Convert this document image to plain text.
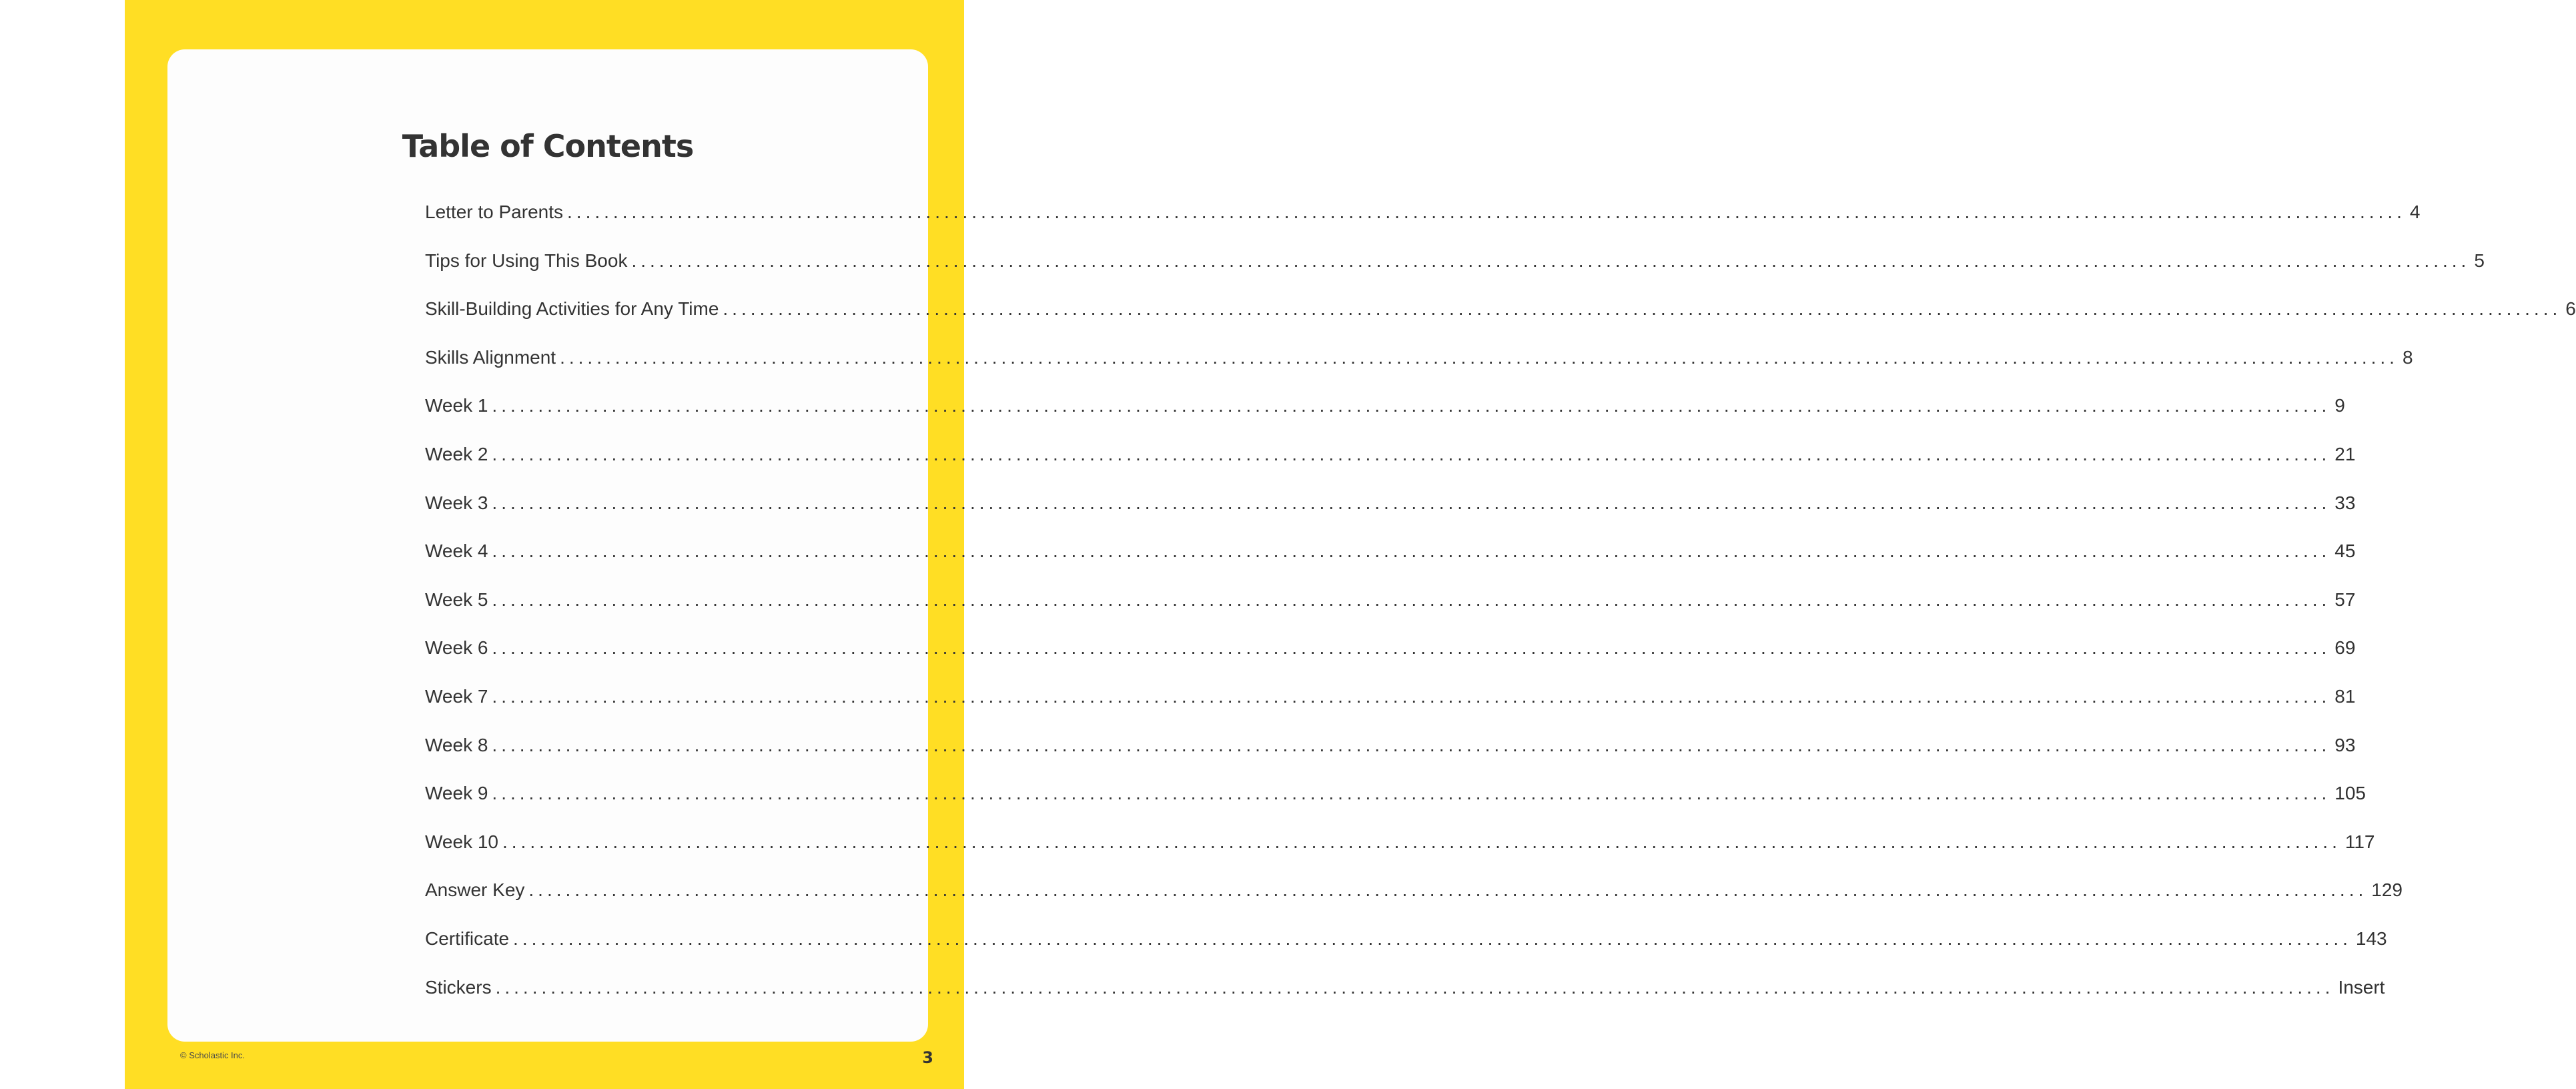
Table of Contents
Letter to Parents ........................................................................................................................................................................................................ 4
Tips for Using This Book ........................................................................................................................................................................................................ 5
Skill-Building Activities for Any Time ........................................................................................................................................................................................................ 6
Skills Alignment ........................................................................................................................................................................................................ 8
Week 1 ........................................................................................................................................................................................................ 9
Week 2 ........................................................................................................................................................................................................ 21
Week 3 ........................................................................................................................................................................................................ 33
Week 4 ........................................................................................................................................................................................................ 45
Week 5 ........................................................................................................................................................................................................ 57
Week 6 ........................................................................................................................................................................................................ 69
Week 7 ........................................................................................................................................................................................................ 81
Week 8 ........................................................................................................................................................................................................ 93
Week 9 ........................................................................................................................................................................................................ 105
Week 10 ........................................................................................................................................................................................................ 117
Answer Key ........................................................................................................................................................................................................ 129
Certificate ........................................................................................................................................................................................................ 143
Stickers ........................................................................................................................................................................................................ Insert
© Scholastic Inc.	3
